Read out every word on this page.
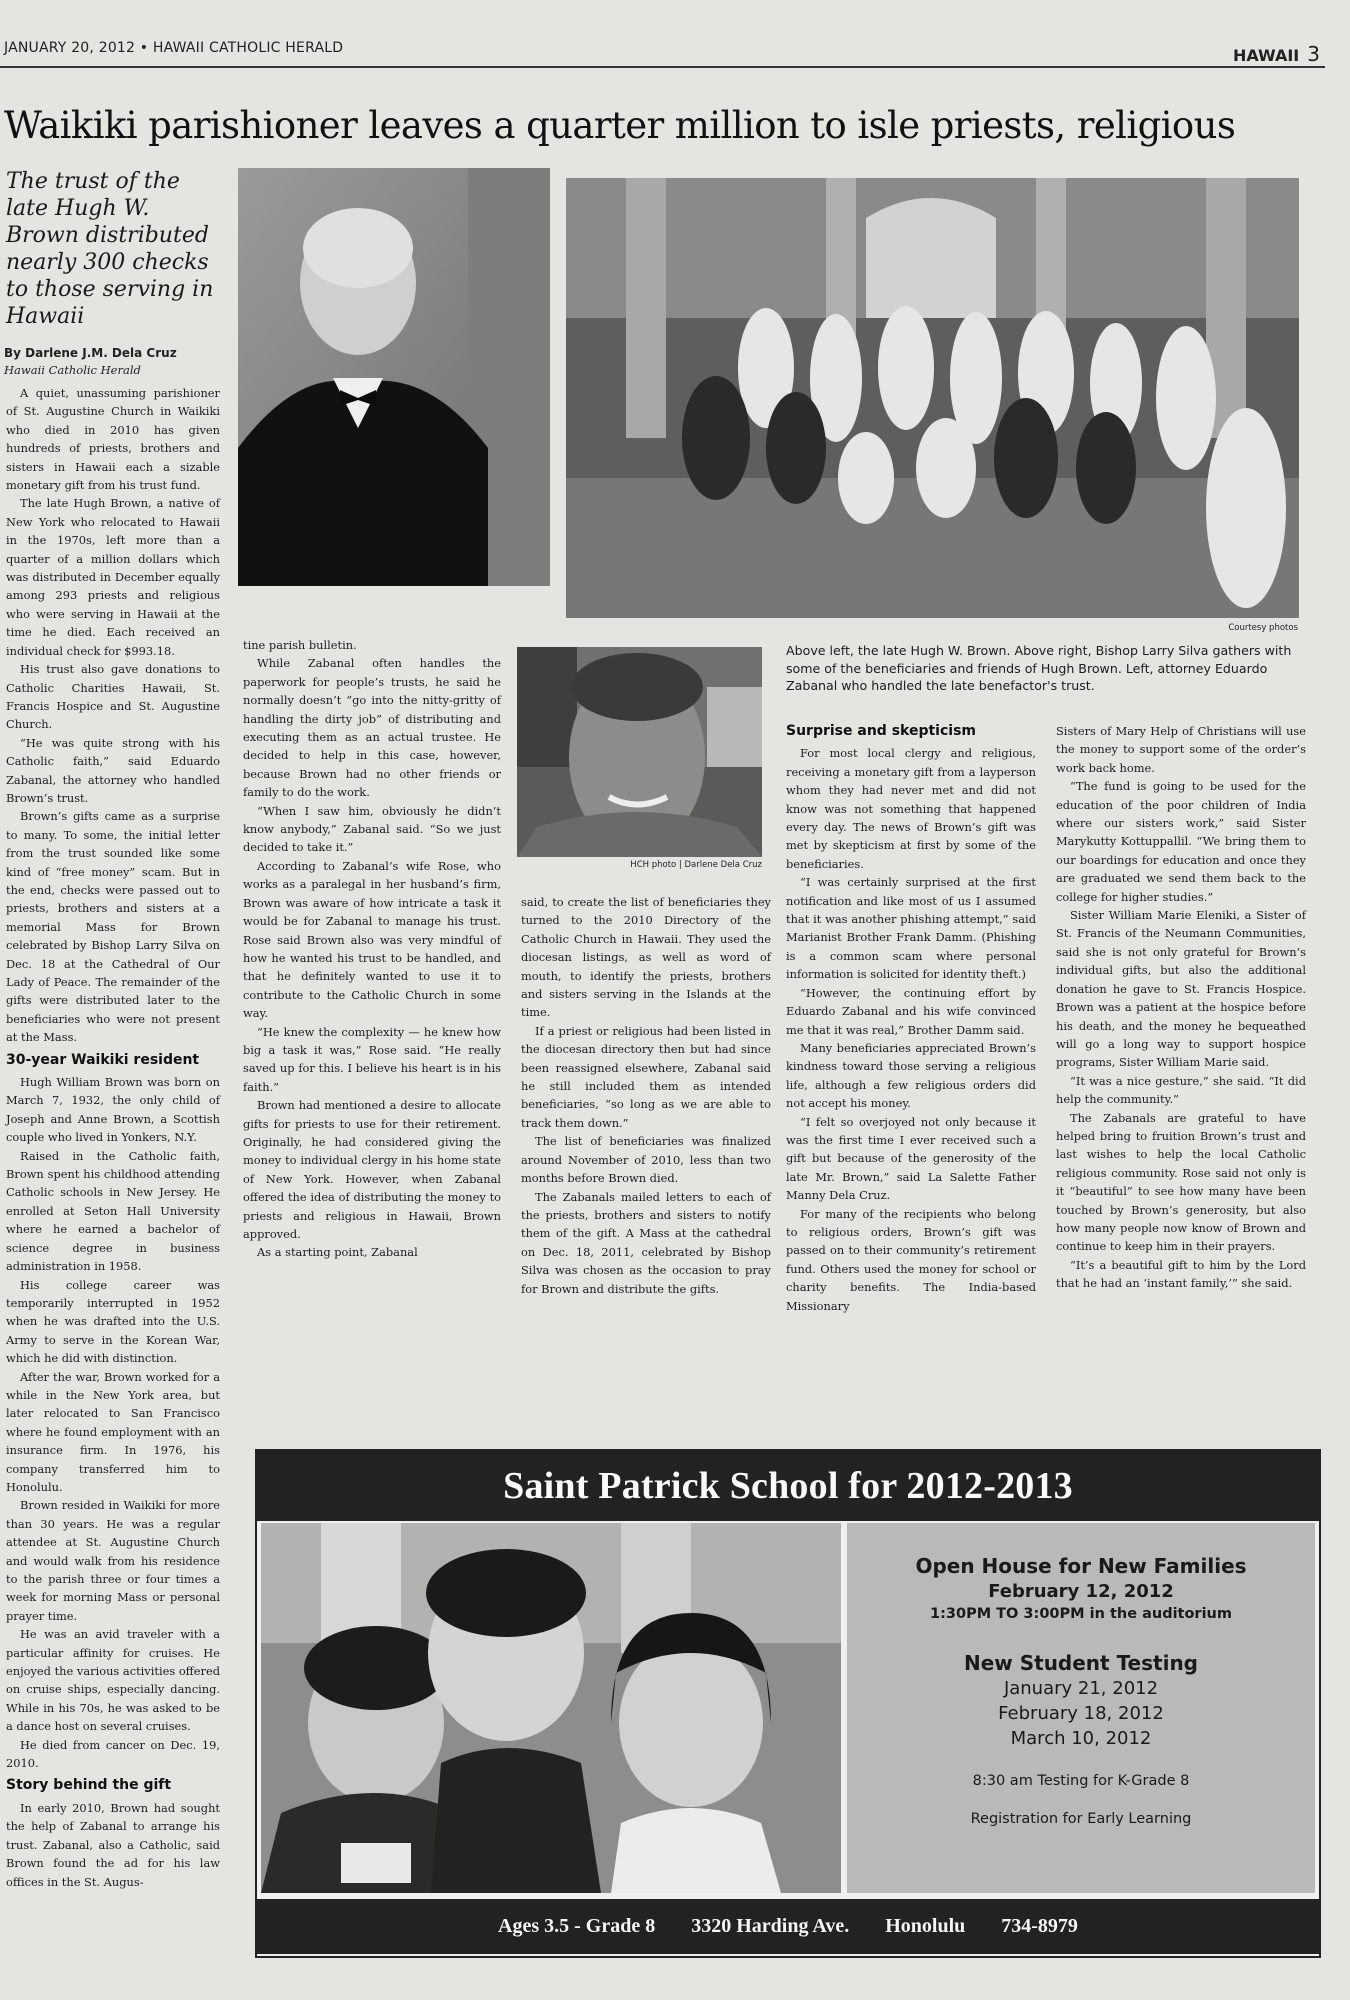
JANUARY 20, 2012 • HAWAII CATHOLIC HERALD	HAWAII 3
Waikiki parishioner leaves a quarter million to isle priests, religious
The trust of the late Hugh W. Brown distributed nearly 300 checks to those serving in Hawaii
By Darlene J.M. Dela Cruz
Hawaii Catholic Herald
Courtesy photos
Above left, the late Hugh W. Brown. Above right, Bishop Larry Silva gathers with some of the beneficiaries and friends of Hugh Brown. Left, attorney Eduardo Zabanal who handled the late benefactor's trust.
HCH photo | Darlene Dela Cruz

A quiet, unassuming parishioner of St. Augustine Church in Waikiki who died in 2010 has given hundreds of priests, brothers and sisters in Hawaii each a sizable monetary gift from his trust fund.

The late Hugh Brown, a native of New York who relocated to Hawaii in the 1970s, left more than a quarter of a million dollars which was distributed in December equally among 293 priests and religious who were serving in Hawaii at the time he died. Each received an individual check for $993.18.

His trust also gave donations to Catholic Charities Hawaii, St. Francis Hospice and St. Augustine Church.

“He was quite strong with his Catholic faith,” said Eduardo Zabanal, the attorney who handled Brown’s trust.

Brown’s gifts came as a surprise to many. To some, the initial letter from the trust sounded like some kind of “free money” scam. But in the end, checks were passed out to priests, brothers and sisters at a memorial Mass for Brown celebrated by Bishop Larry Silva on Dec. 18 at the Cathedral of Our Lady of Peace. The remainder of the gifts were distributed later to the beneficiaries who were not present at the Mass.

30-year Waikiki resident

Hugh William Brown was born on March 7, 1932, the only child of Joseph and Anne Brown, a Scottish couple who lived in Yonkers, N.Y.

Raised in the Catholic faith, Brown spent his childhood attending Catholic schools in New Jersey. He enrolled at Seton Hall University where he earned a bachelor of science degree in business administration in 1958.

His college career was temporarily interrupted in 1952 when he was drafted into the U.S. Army to serve in the Korean War, which he did with distinction.

After the war, Brown worked for a while in the New York area, but later relocated to San Francisco where he found employment with an insurance firm. In 1976, his company transferred him to Honolulu.

Brown resided in Waikiki for more than 30 years. He was a regular attendee at St. Augustine Church and would walk from his residence to the parish three or four times a week for morning Mass or personal prayer time.

He was an avid traveler with a particular affinity for cruises. He enjoyed the various activities offered on cruise ships, especially dancing. While in his 70s, he was asked to be a dance host on several cruises.

He died from cancer on Dec. 19, 2010.

Story behind the gift

In early 2010, Brown had sought the help of Zabanal to arrange his trust. Zabanal, also a Catholic, said Brown found the ad for his law offices in the St. Augus-

tine parish bulletin.

While Zabanal often handles the paperwork for people’s trusts, he said he normally doesn’t “go into the nitty-gritty of handling the dirty job” of distributing and executing them as an actual trustee. He decided to help in this case, however, because Brown had no other friends or family to do the work.

“When I saw him, obviously he didn’t know anybody,” Zabanal said. “So we just decided to take it.”

According to Zabanal’s wife Rose, who works as a paralegal in her husband’s firm, Brown was aware of how intricate a task it would be for Zabanal to manage his trust. Rose said Brown also was very mindful of how he wanted his trust to be handled, and that he definitely wanted to use it to contribute to the Catholic Church in some way.

“He knew the complexity — he knew how big a task it was,” Rose said. “He really saved up for this. I believe his heart is in his faith.”

Brown had mentioned a desire to allocate gifts for priests to use for their retirement. Originally, he had considered giving the money to individual clergy in his home state of New York. However, when Zabanal offered the idea of distributing the money to priests and religious in Hawaii, Brown approved.

As a starting point, Zabanal

said, to create the list of beneficiaries they turned to the 2010 Directory of the Catholic Church in Hawaii. They used the diocesan listings, as well as word of mouth, to identify the priests, brothers and sisters serving in the Islands at the time.

If a priest or religious had been listed in the diocesan directory then but had since been reassigned elsewhere, Zabanal said he still included them as intended beneficiaries, “so long as we are able to track them down.”

The list of beneficiaries was finalized around November of 2010, less than two months before Brown died.

The Zabanals mailed letters to each of the priests, brothers and sisters to notify them of the gift. A Mass at the cathedral on Dec. 18, 2011, celebrated by Bishop Silva was chosen as the occasion to pray for Brown and distribute the gifts.

Surprise and skepticism

For most local clergy and religious, receiving a monetary gift from a layperson whom they had never met and did not know was not something that happened every day. The news of Brown’s gift was met by skepticism at first by some of the beneficiaries.

“I was certainly surprised at the first notification and like most of us I assumed that it was another phishing attempt,” said Marianist Brother Frank Damm. (Phishing is a common scam where personal information is solicited for identity theft.)

“However, the continuing effort by Eduardo Zabanal and his wife convinced me that it was real,” Brother Damm said.

Many beneficiaries appreciated Brown’s kindness toward those serving a religious life, although a few religious orders did not accept his money.

“I felt so overjoyed not only because it was the first time I ever received such a gift but because of the generosity of the late Mr. Brown,” said La Salette Father Manny Dela Cruz.

For many of the recipients who belong to religious orders, Brown’s gift was passed on to their community’s retirement fund. Others used the money for school or charity benefits. The India-based Missionary

Sisters of Mary Help of Christians will use the money to support some of the order’s work back home.

“The fund is going to be used for the education of the poor children of India where our sisters work,” said Sister Marykutty Kottuppallil. “We bring them to our boardings for education and once they are graduated we send them back to the college for higher studies.”

Sister William Marie Eleniki, a Sister of St. Francis of the Neumann Communities, said she is not only grateful for Brown’s individual gifts, but also the additional donation he gave to St. Francis Hospice. Brown was a patient at the hospice before his death, and the money he bequeathed will go a long way to support hospice programs, Sister William Marie said.

“It was a nice gesture,” she said. “It did help the community.”

The Zabanals are grateful to have helped bring to fruition Brown’s trust and last wishes to help the local Catholic religious community. Rose said not only is it “beautiful” to see how many have been touched by Brown’s generosity, but also how many people now know of Brown and continue to keep him in their prayers.

“It’s a beautiful gift to him by the Lord that he had an ‘instant family,’” she said.

Saint Patrick School for 2012-2013
Open House for New Families
February 12, 2012
1:30PM TO 3:00PM in the auditorium
New Student Testing
January 21, 2012
February 18, 2012
March 10, 2012
8:30 am Testing for K-Grade 8
Registration for Early Learning
Ages 3.5 - Grade 8 3320 Harding Ave. Honolulu 734-8979
